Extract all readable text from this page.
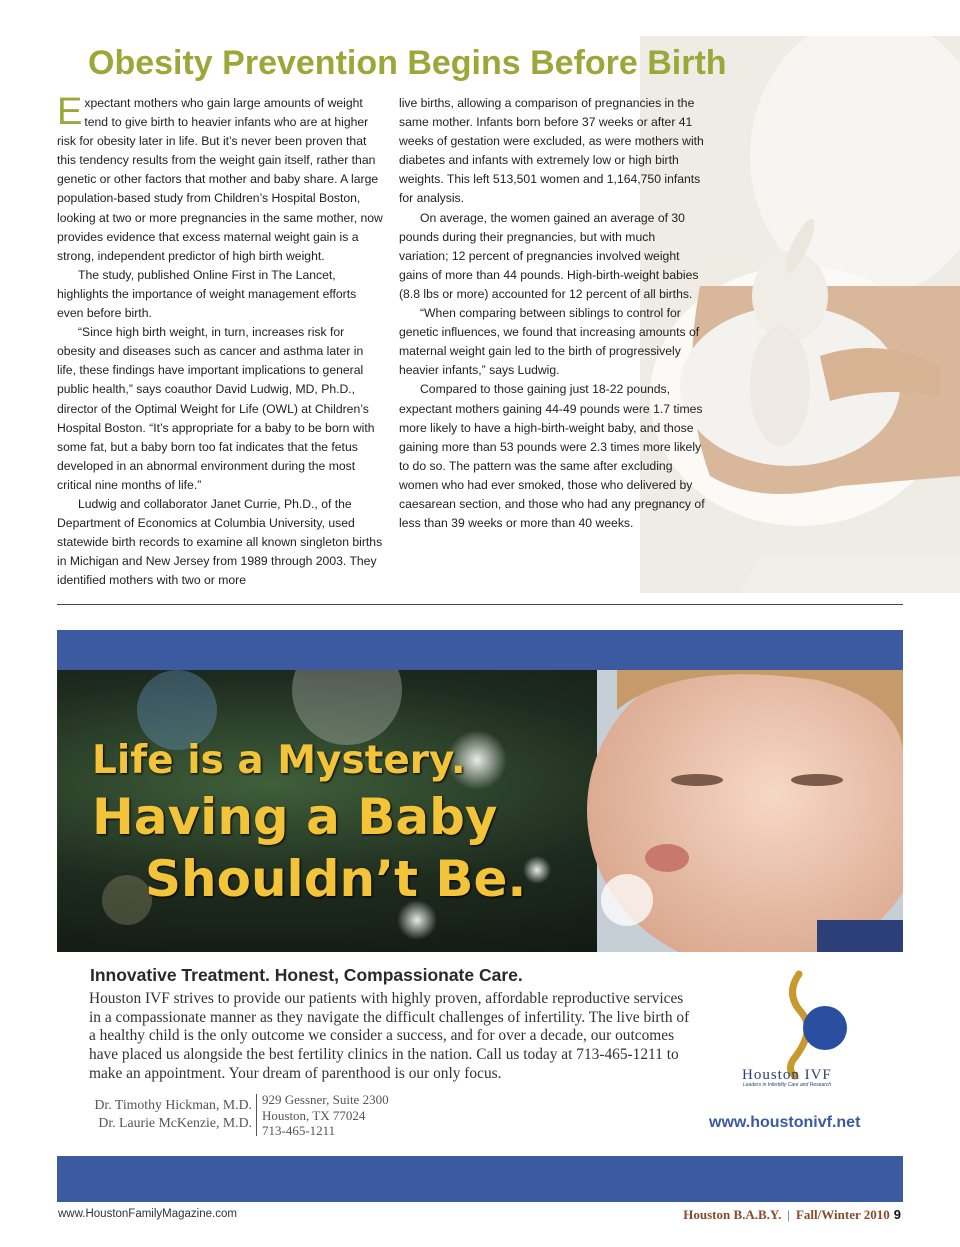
Obesity Prevention Begins Before Birth

Expectant mothers who gain large amounts of weight tend to give birth to heavier infants who are at higher risk for obesity later in life. But it’s never been proven that this tendency results from the weight gain itself, rather than genetic or other factors that mother and baby share. A large population-based study from Children’s Hospital Boston, looking at two or more pregnancies in the same mother, now provides evidence that excess maternal weight gain is a strong, independent predictor of high birth weight.

The study, published Online First in The Lancet, highlights the importance of weight management efforts even before birth.

“Since high birth weight, in turn, increases risk for obesity and diseases such as cancer and asthma later in life, these findings have important implications to general public health,” says coauthor David Ludwig, MD, Ph.D., director of the Optimal Weight for Life (OWL) at Children’s Hospital Boston. “It’s appropriate for a baby to be born with some fat, but a baby born too fat indicates that the fetus developed in an abnormal environment during the most critical nine months of life.”

Ludwig and collaborator Janet Currie, Ph.D., of the Department of Economics at Columbia University, used statewide birth records to examine all known singleton births in Michigan and New Jersey from 1989 through 2003. They identified mothers with two or more

live births, allowing a comparison of pregnancies in the same mother. Infants born before 37 weeks or after 41 weeks of gestation were excluded, as were mothers with diabetes and infants with extremely low or high birth weights. This left 513,501 women and 1,164,750 infants for analysis.

On average, the women gained an average of 30 pounds during their pregnancies, but with much variation; 12 percent of pregnancies involved weight gains of more than 44 pounds. High-birth-weight babies (8.8 lbs or more) accounted for 12 percent of all births.

“When comparing between siblings to control for genetic influences, we found that increasing amounts of maternal weight gain led to the birth of progressively heavier infants,” says Ludwig.

Compared to those gaining just 18-22 pounds, expectant mothers gaining 44-49 pounds were 1.7 times more likely to have a high-birth-weight baby, and those gaining more than 53 pounds were 2.3 times more likely to do so. The pattern was the same after excluding women who had ever smoked, those who delivered by caesarean section, and those who had any pregnancy of less than 39 weeks or more than 40 weeks.

Life is a Mystery.
Having a Baby
Shouldn’t Be.
Innovative Treatment. Honest, Compassionate Care.
Houston IVF strives to provide our patients with highly proven, affordable reproductive services in a compassionate manner as they navigate the difficult challenges of infertility. The live birth of a healthy child is the only outcome we consider a success, and for over a decade, our outcomes have placed us alongside the best fertility clinics in the nation. Call us today at 713-465-1211 to make an appointment. Your dream of parenthood is our only focus.
Dr. Timothy Hickman, M.D.
Dr. Laurie McKenzie, M.D.
929 Gessner, Suite 2300
Houston, TX 77024
713-465-1211
Houston IVF
Leaders in Infertility Care and Research
www.houstonivf.net
www.HoustonFamilyMagazine.com	Houston B.A.B.Y. | Fall/Winter 2010 9
